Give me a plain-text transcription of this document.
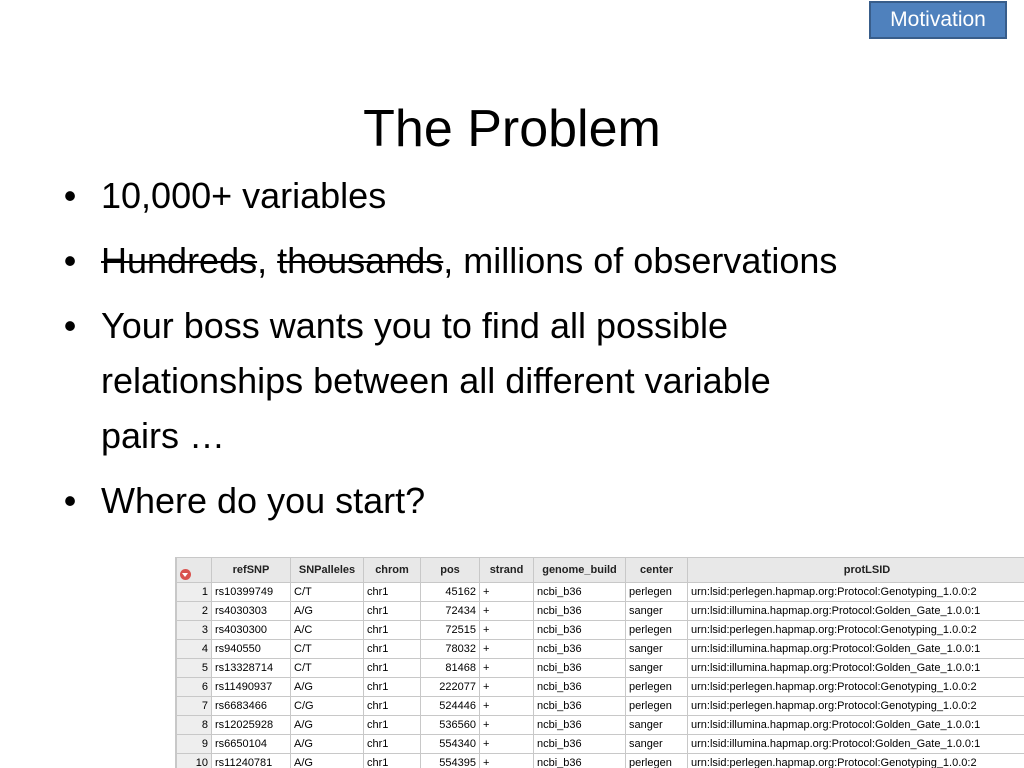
Motivation
The Problem
• 10,000+ variables
• Hundreds, thousands, millions of observations
• Your boss wants you to find all possible
relationships between all different variable
pairs …
• Where do you start?
	refSNP	SNPalleles	chrom	pos	strand	genome_build	center	protLSID
1	rs10399749	C/T	chr1	45162	+	ncbi_b36	perlegen	urn:lsid:perlegen.hapmap.org:Protocol:Genotyping_1.0.0:2
2	rs4030303	A/G	chr1	72434	+	ncbi_b36	sanger	urn:lsid:illumina.hapmap.org:Protocol:Golden_Gate_1.0.0:1
3	rs4030300	A/C	chr1	72515	+	ncbi_b36	perlegen	urn:lsid:perlegen.hapmap.org:Protocol:Genotyping_1.0.0:2
4	rs940550	C/T	chr1	78032	+	ncbi_b36	sanger	urn:lsid:illumina.hapmap.org:Protocol:Golden_Gate_1.0.0:1
5	rs13328714	C/T	chr1	81468	+	ncbi_b36	sanger	urn:lsid:illumina.hapmap.org:Protocol:Golden_Gate_1.0.0:1
6	rs11490937	A/G	chr1	222077	+	ncbi_b36	perlegen	urn:lsid:perlegen.hapmap.org:Protocol:Genotyping_1.0.0:2
7	rs6683466	C/G	chr1	524446	+	ncbi_b36	perlegen	urn:lsid:perlegen.hapmap.org:Protocol:Genotyping_1.0.0:2
8	rs12025928	A/G	chr1	536560	+	ncbi_b36	sanger	urn:lsid:illumina.hapmap.org:Protocol:Golden_Gate_1.0.0:1
9	rs6650104	A/G	chr1	554340	+	ncbi_b36	sanger	urn:lsid:illumina.hapmap.org:Protocol:Golden_Gate_1.0.0:1
10	rs11240781	A/G	chr1	554395	+	ncbi_b36	perlegen	urn:lsid:perlegen.hapmap.org:Protocol:Genotyping_1.0.0:2
